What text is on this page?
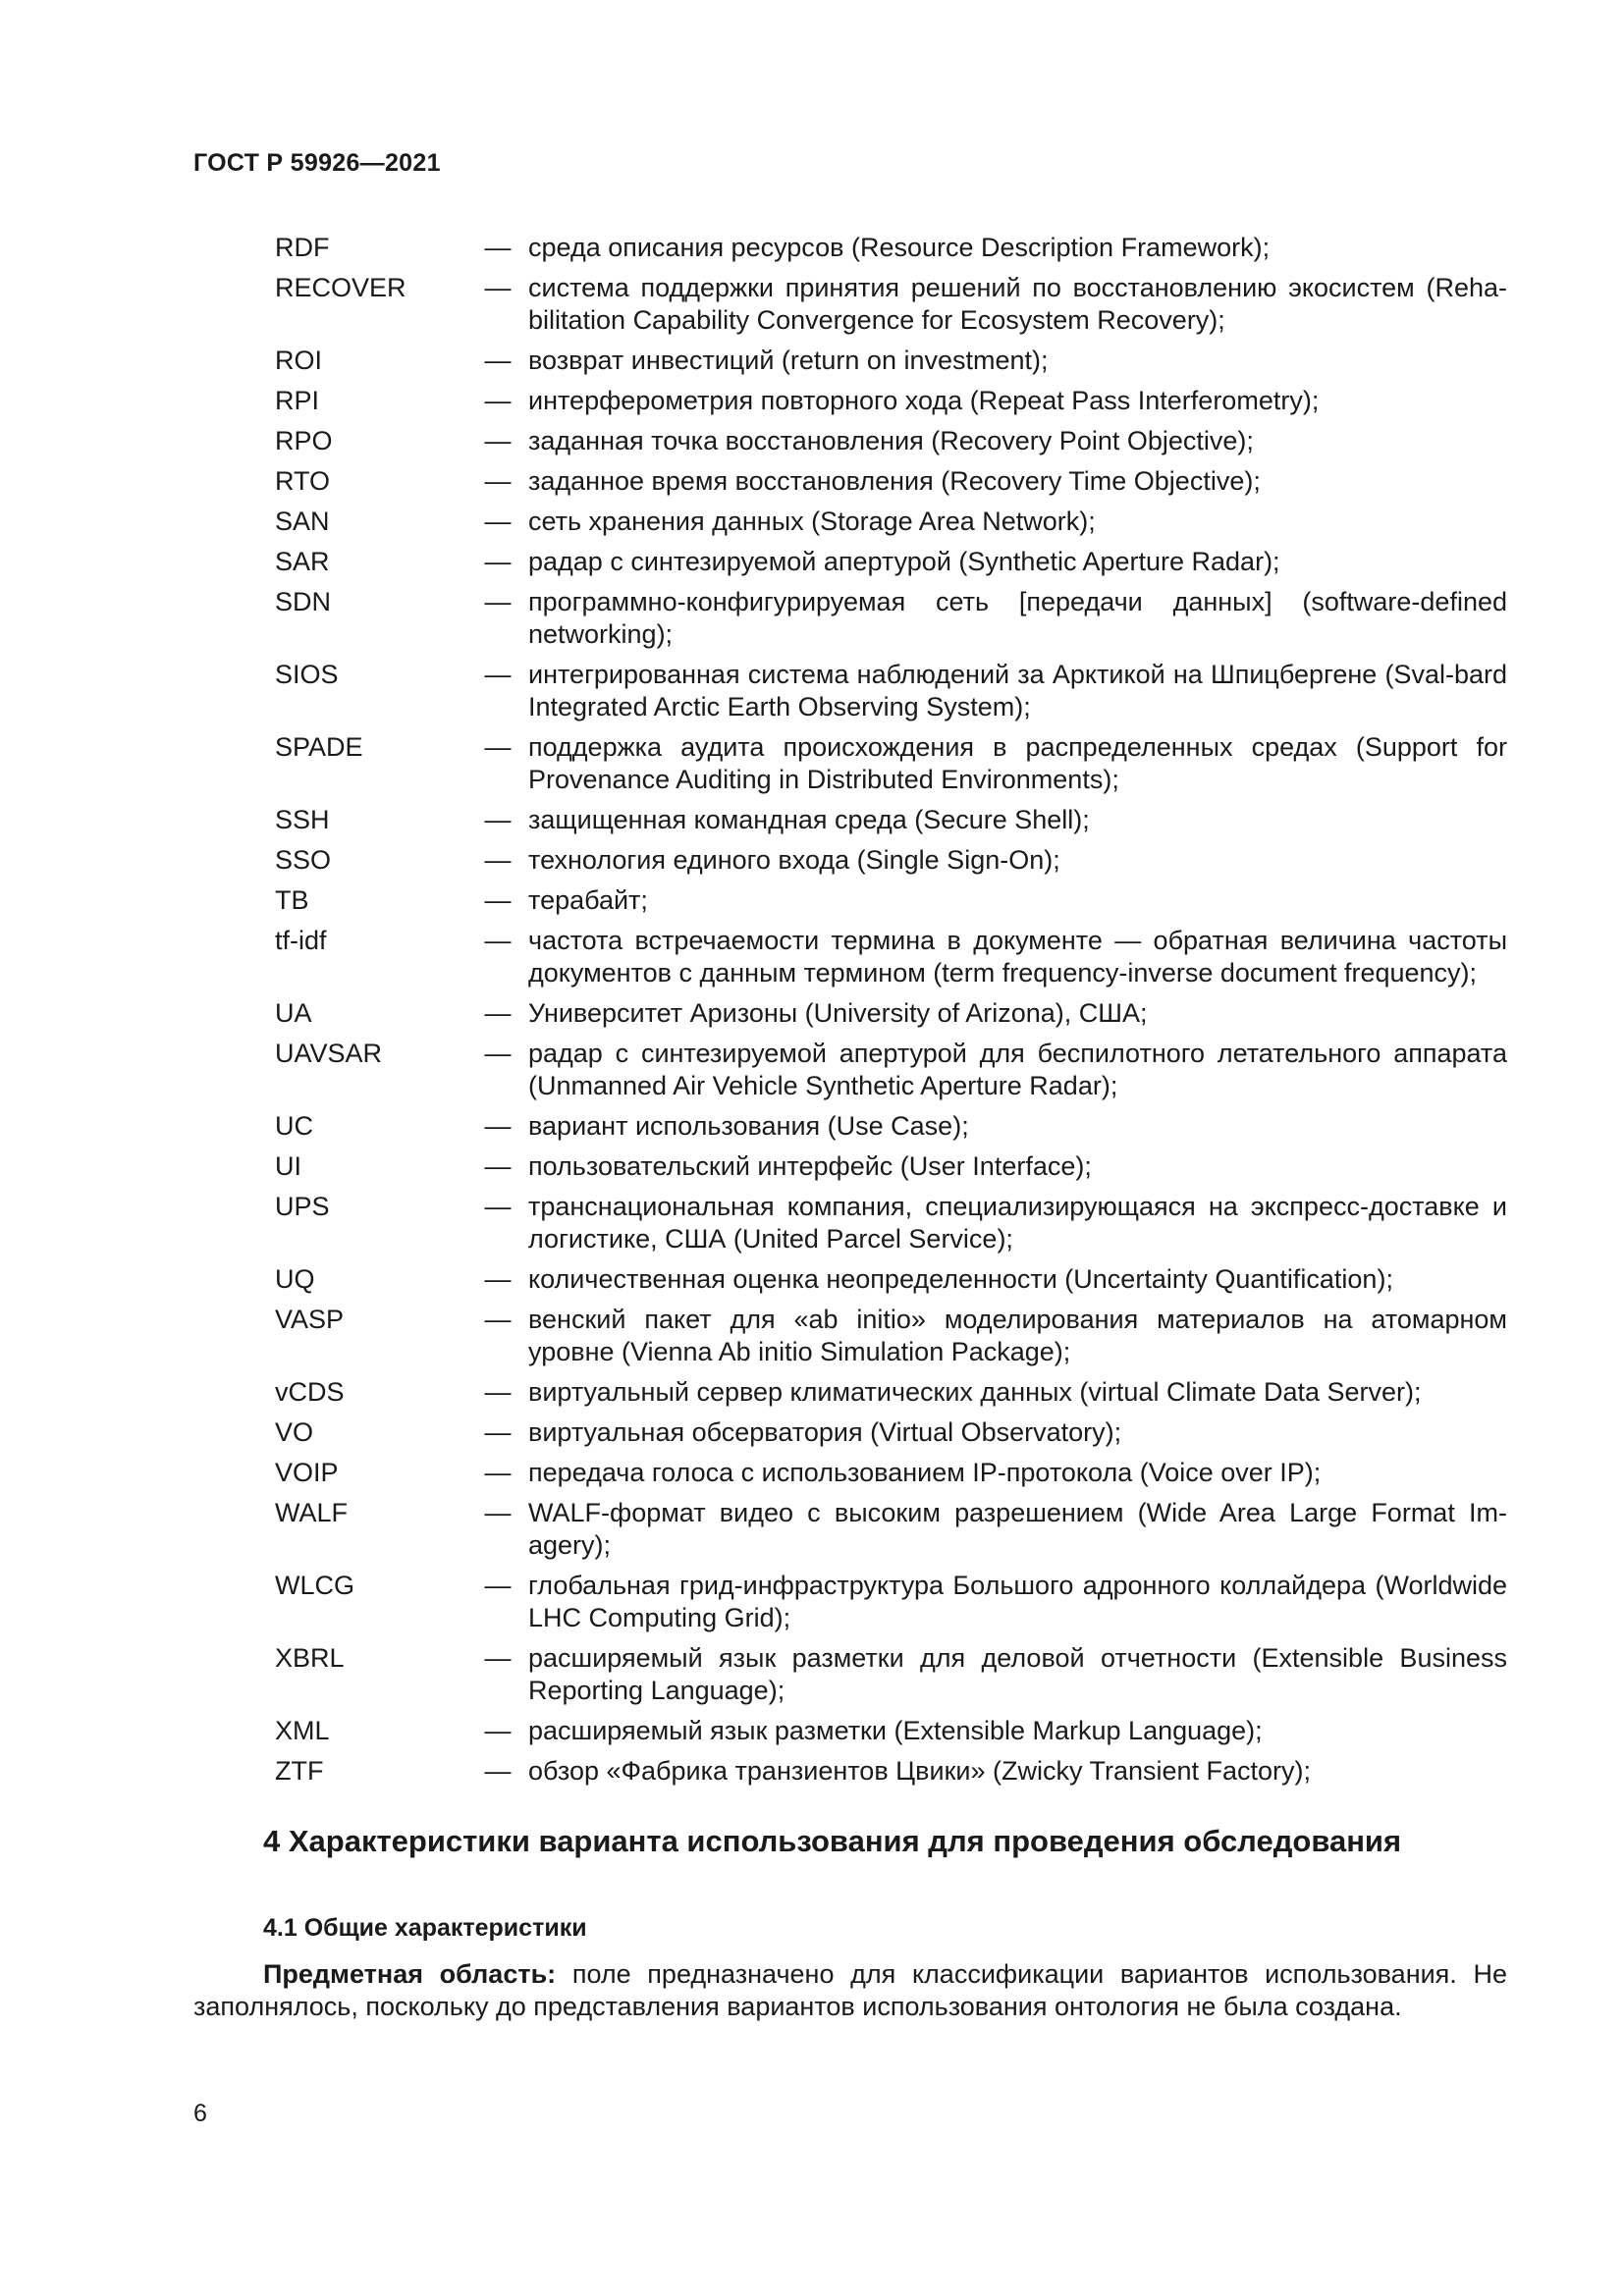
ГОСТ Р 59926—2021
RDF	— среда описания ресурсов (Resource Description Framework);
RECOVER	— система поддержки принятия решений по восстановлению экосистем (Reha-bilitation Capability Convergence for Ecosystem Recovery);
ROI	— возврат инвестиций (return on investment);
RPI	— интерферометрия повторного хода (Repeat Pass Interferometry);
RPO	— заданная точка восстановления (Recovery Point Objective);
RTO	— заданное время восстановления (Recovery Time Objective);
SAN	— сеть хранения данных (Storage Area Network);
SAR	— радар с синтезируемой апертурой (Synthetic Aperture Radar);
SDN	— программно-конфигурируемая сеть [передачи данных] (software-defined networking);
SIOS	— интегрированная система наблюдений за Арктикой на Шпицбергене (Sval-bard Integrated Arctic Earth Observing System);
SPADE	— поддержка аудита происхождения в распределенных средах (Support for Provenance Auditing in Distributed Environments);
SSH	— защищенная командная среда (Secure Shell);
SSO	— технология единого входа (Single Sign-On);
TB	— терабайт;
tf-idf	— частота встречаемости термина в документе — обратная величина частоты документов с данным термином (term frequency-inverse document frequency);
UA	— Университет Аризоны (University of Arizona), США;
UAVSAR	— радар с синтезируемой апертурой для беспилотного летательного аппарата (Unmanned Air Vehicle Synthetic Aperture Radar);
UC	— вариант использования (Use Case);
UI	— пользовательский интерфейс (User Interface);
UPS	— транснациональная компания, специализирующаяся на экспресс-доставке и логистике, США (United Parcel Service);
UQ	— количественная оценка неопределенности (Uncertainty Quantification);
VASP	— венский пакет для «ab initio» моделирования материалов на атомарном уровне (Vienna Ab initio Simulation Package);
vCDS	— виртуальный сервер климатических данных (virtual Climate Data Server);
VO	— виртуальная обсерватория (Virtual Observatory);
VOIP	— передача голоса с использованием IP-протокола (Voice over IP);
WALF	— WALF-формат видео с высоким разрешением (Wide Area Large Format Im-agery);
WLCG	— глобальная грид-инфраструктура Большого адронного коллайдера (Worldwide LHC Computing Grid);
XBRL	— расширяемый язык разметки для деловой отчетности (Extensible Business Reporting Language);
XML	— расширяемый язык разметки (Extensible Markup Language);
ZTF	— обзор «Фабрика транзиентов Цвики» (Zwicky Transient Factory);
4 Характеристики варианта использования для проведения обследования
4.1 Общие характеристики
Предметная область: поле предназначено для классификации вариантов использования. Не заполнялось, поскольку до представления вариантов использования онтология не была создана.
6
